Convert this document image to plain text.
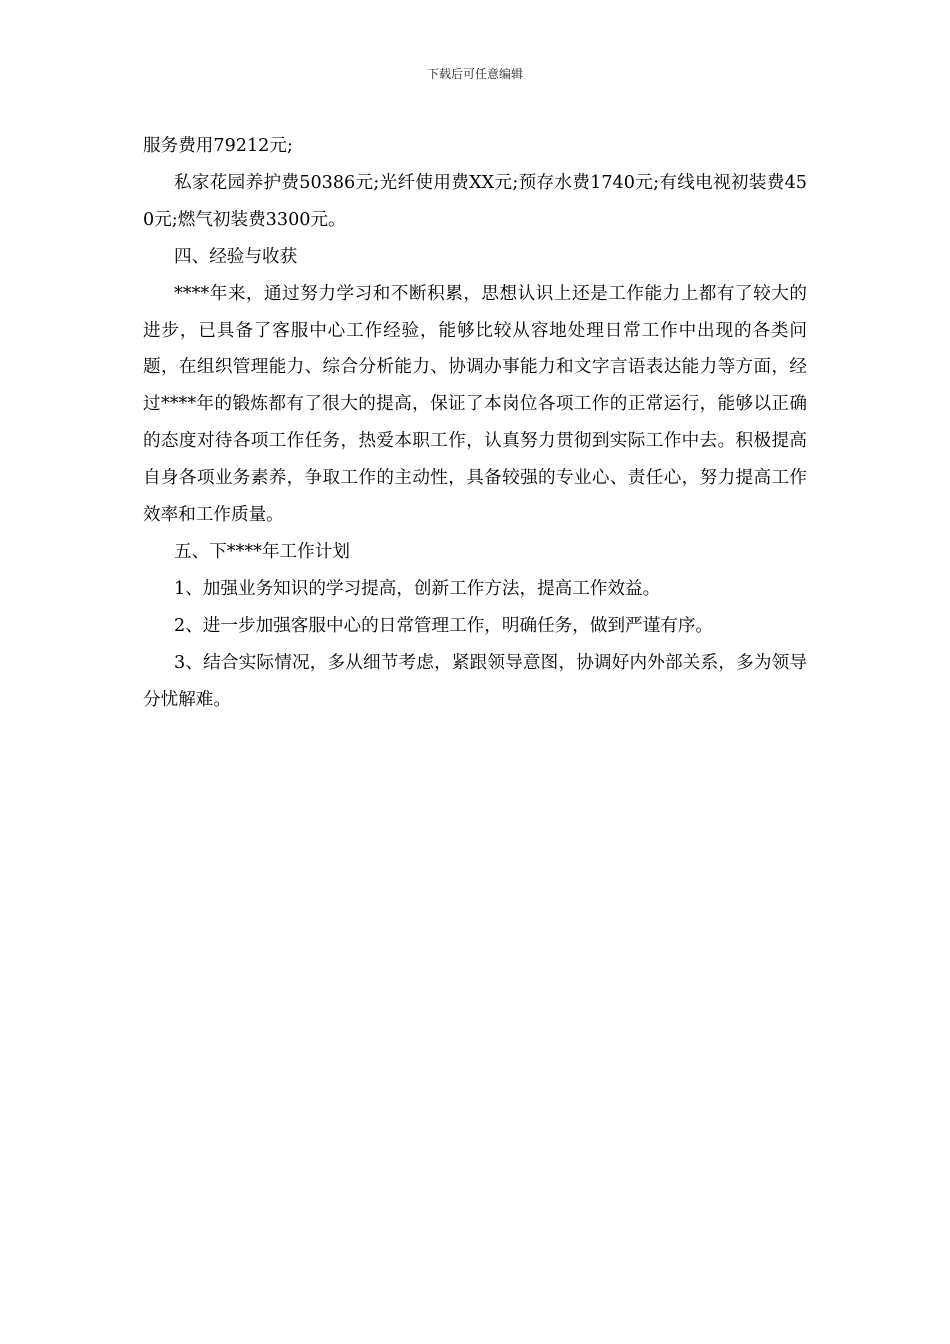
下载后可任意编辑

服务费用79212元;

私家花园养护费50386元;光纤使用费XX元;预存水费1740元;有线电视初装费450元;燃气初装费3300元。

四、经验与收获

****年来，通过努力学习和不断积累，思想认识上还是工作能力上都有了较大的进步，已具备了客服中心工作经验，能够比较从容地处理日常工作中出现的各类问题，在组织管理能力、综合分析能力、协调办事能力和文字言语表达能力等方面，经过****年的锻炼都有了很大的提高，保证了本岗位各项工作的正常运行，能够以正确的态度对待各项工作任务，热爱本职工作，认真努力贯彻到实际工作中去。积极提高自身各项业务素养，争取工作的主动性，具备较强的专业心、责任心，努力提高工作效率和工作质量。

五、下****年工作计划

1、加强业务知识的学习提高，创新工作方法，提高工作效益。

2、进一步加强客服中心的日常管理工作，明确任务，做到严谨有序。

3、结合实际情况，多从细节考虑，紧跟领导意图，协调好内外部关系，多为领导分忧解难。
